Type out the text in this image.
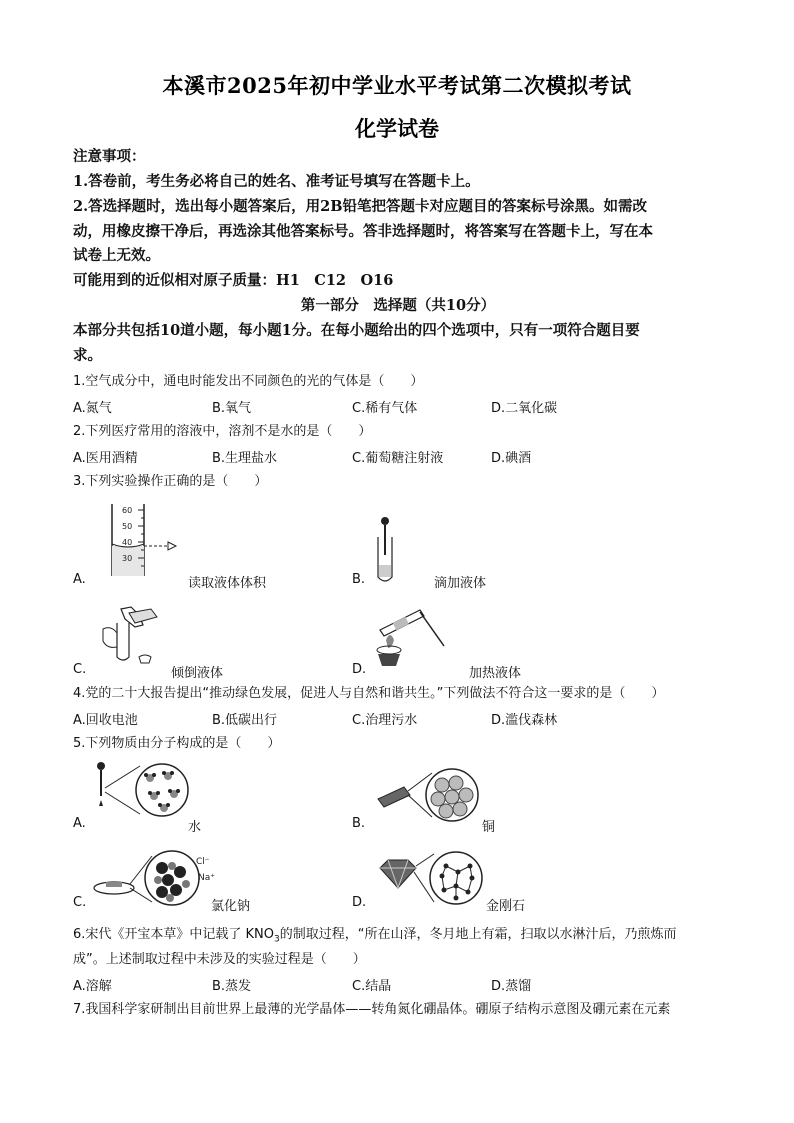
本溪市2025年初中学业水平考试第二次模拟考试
化学试卷
注意事项：
1.答卷前，考生务必将自己的姓名、准考证号填写在答题卡上。
2.答选择题时，选出每小题答案后，用2B铅笔把答题卡对应题目的答案标号涂黑。如需改
动，用橡皮擦干净后，再选涂其他答案标号。答非选择题时，将答案写在答题卡上，写在本
试卷上无效。
可能用到的近似相对原子质量：H1　C12　O16
第一部分　选择题（共10分）
本部分共包括10道小题，每小题1分。在每小题给出的四个选项中，只有一项符合题目要
求。
1.空气成分中，通电时能发出不同颜色的光的气体是（　　）
A.氮气	B.氧气	C.稀有气体	D.二氧化碳
2.下列医疗常用的溶液中，溶剂不是水的是（　　）
A.医用酒精	B.生理盐水	C.葡萄糖注射液	D.碘酒
3.下列实验操作正确的是（　　）
60
50
40
30
A.	读取液体体积	B.	滴加液体
C.	倾倒液体	D.	加热液体
4.党的二十大报告提出“推动绿色发展，促进人与自然和谐共生。”下列做法不符合这一要求的是（　　）
A.回收电池	B.低碳出行	C.治理污水	D.滥伐森林
5.下列物质由分子构成的是（　　）
A.	水	B.	铜
Cl⁻
Na⁺
C.	氯化钠	D.	金刚石
6.宋代《开宝本草》中记载了 $KNO_3$的制取过程，“所在山泽，冬月地上有霜，扫取以水淋汁后，乃煎炼而
成”。上述制取过程中未涉及的实验过程是（　　）
A.溶解	B.蒸发	C.结晶	D.蒸馏
7.我国科学家研制出目前世界上最薄的光学晶体——转角氮化硼晶体。硼原子结构示意图及硼元素在元素
